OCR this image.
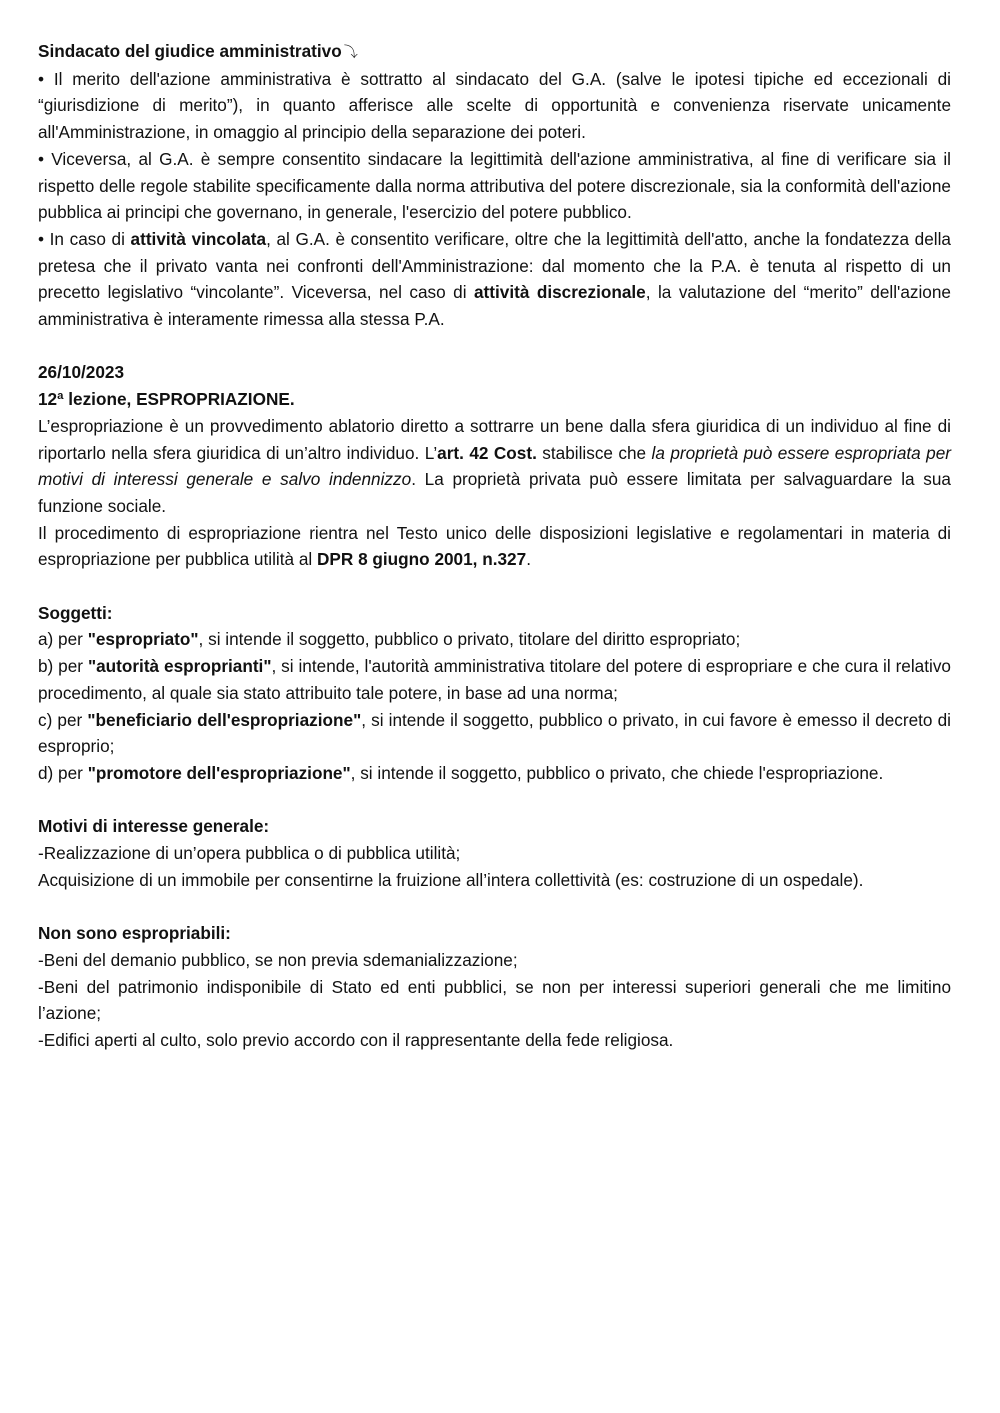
Sindacato del giudice amministrativo ⤵

• Il merito dell'azione amministrativa è sottratto al sindacato del G.A. (salve le ipotesi tipiche ed eccezionali di “giurisdizione di merito”), in quanto afferisce alle scelte di opportunità e convenienza riservate unicamente all'Amministrazione, in omaggio al principio della separazione dei poteri.

• Viceversa, al G.A. è sempre consentito sindacare la legittimità dell'azione amministrativa, al fine di verificare sia il rispetto delle regole stabilite specificamente dalla norma attributiva del potere discrezionale, sia la conformità dell'azione pubblica ai principi che governano, in generale, l'esercizio del potere pubblico.

• In caso di attività vincolata, al G.A. è consentito verificare, oltre che la legittimità dell'atto, anche la fondatezza della pretesa che il privato vanta nei confronti dell'Amministrazione: dal momento che la P.A. è tenuta al rispetto di un precetto legislativo “vincolante”. Viceversa, nel caso di attività discrezionale, la valutazione del “merito” dell'azione amministrativa è interamente rimessa alla stessa P.A.

26/10/2023

12ª lezione, ESPROPRIAZIONE.

L’espropriazione è un provvedimento ablatorio diretto a sottrarre un bene dalla sfera giuridica di un individuo al fine di riportarlo nella sfera giuridica di un’altro individuo. L’art. 42 Cost. stabilisce che la proprietà può essere espropriata per motivi di interessi generale e salvo indennizzo. La proprietà privata può essere limitata per salvaguardare la sua funzione sociale.

Il procedimento di espropriazione rientra nel Testo unico delle disposizioni legislative e regolamentari in materia di espropriazione per pubblica utilità al DPR 8 giugno 2001, n.327.

Soggetti:

a) per "espropriato", si intende il soggetto, pubblico o privato, titolare del diritto espropriato;

b) per "autorità esproprianti", si intende, l'autorità amministrativa titolare del potere di espropriare e che cura il relativo procedimento, al quale sia stato attribuito tale potere, in base ad una norma;

c) per "beneficiario dell'espropriazione", si intende il soggetto, pubblico o privato, in cui favore è emesso il decreto di esproprio;

d) per "promotore dell'espropriazione", si intende il soggetto, pubblico o privato, che chiede l'espropriazione.

Motivi di interesse generale:

-Realizzazione di un’opera pubblica o di pubblica utilità;

Acquisizione di un immobile per consentirne la fruizione all’intera collettività (es: costruzione di un ospedale).

Non sono espropriabili:

-Beni del demanio pubblico, se non previa sdemanializzazione;

-Beni del patrimonio indisponibile di Stato ed enti pubblici, se non per interessi superiori generali che me limitino l’azione;

-Edifici aperti al culto, solo previo accordo con il rappresentante della fede religiosa.
